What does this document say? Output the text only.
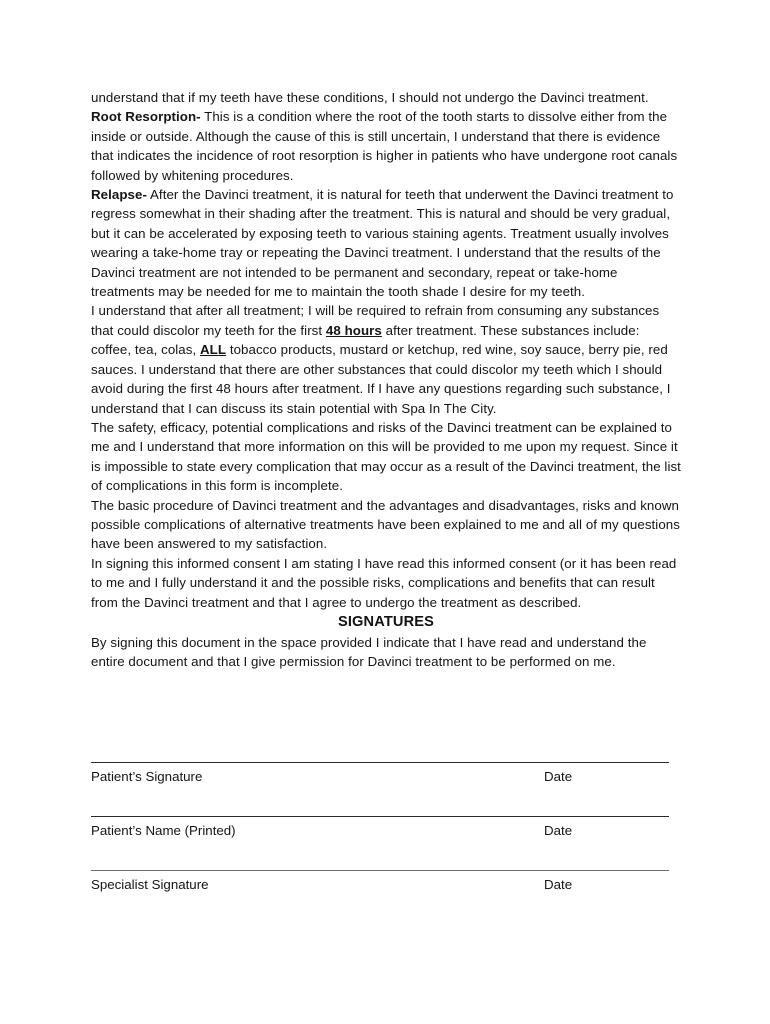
understand that if my teeth have these conditions, I should not undergo the Davinci treatment.
Root Resorption- This is a condition where the root of the tooth starts to dissolve either from the inside or outside. Although the cause of this is still uncertain, I understand that there is evidence that indicates the incidence of root resorption is higher in patients who have undergone root canals followed by whitening procedures.
Relapse- After the Davinci treatment, it is natural for teeth that underwent the Davinci treatment to regress somewhat in their shading after the treatment. This is natural and should be very gradual, but it can be accelerated by exposing teeth to various staining agents. Treatment usually involves wearing a take-home tray or repeating the Davinci treatment. I understand that the results of the Davinci treatment are not intended to be permanent and secondary, repeat or take-home treatments may be needed for me to maintain the tooth shade I desire for my teeth.
I understand that after all treatment; I will be required to refrain from consuming any substances that could discolor my teeth for the first 48 hours after treatment. These substances include: coffee, tea, colas, ALL tobacco products, mustard or ketchup, red wine, soy sauce, berry pie, red sauces. I understand that there are other substances that could discolor my teeth which I should avoid during the first 48 hours after treatment. If I have any questions regarding such substance, I understand that I can discuss its stain potential with Spa In The City.
The safety, efficacy, potential complications and risks of the Davinci treatment can be explained to me and I understand that more information on this will be provided to me upon my request. Since it is impossible to state every complication that may occur as a result of the Davinci treatment, the list of complications in this form is incomplete.
The basic procedure of Davinci treatment and the advantages and disadvantages, risks and known possible complications of alternative treatments have been explained to me and all of my questions have been answered to my satisfaction.
In signing this informed consent I am stating I have read this informed consent (or it has been read to me and I fully understand it and the possible risks, complications and benefits that can result from the Davinci treatment and that I agree to undergo the treatment as described.
SIGNATURES
By signing this document in the space provided I indicate that I have read and understand the entire document and that I give permission for Davinci treatment to be performed on me.
Patient’s Signature	Date
Patient’s Name (Printed)	Date
Specialist Signature	Date
